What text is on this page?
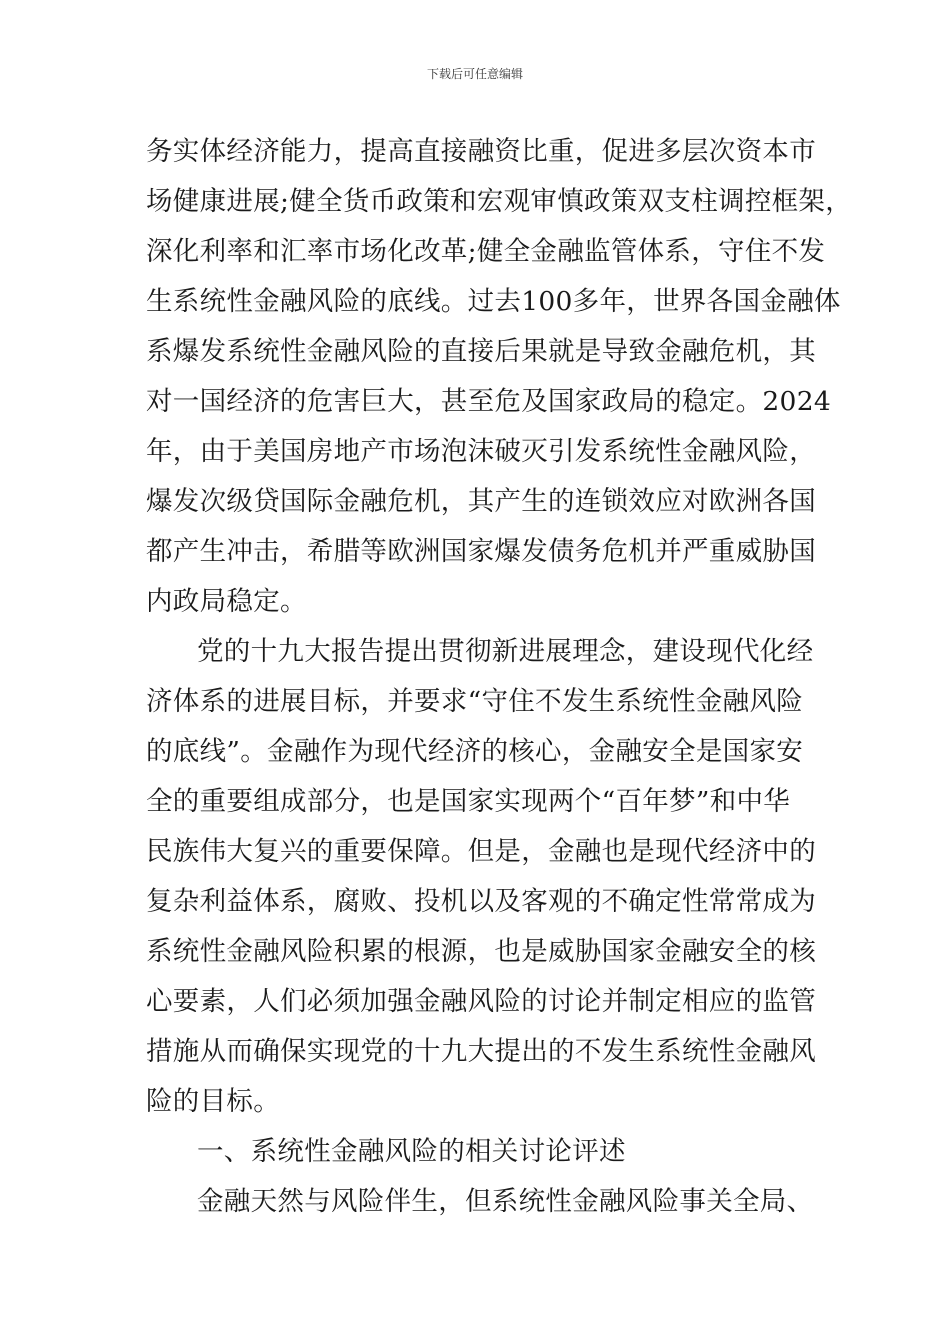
下载后可任意编辑

务实体经济能力，提高直接融资比重，促进多层次资本市
场健康进展;健全货币政策和宏观审慎政策双支柱调控框架，
深化利率和汇率市场化改革;健全金融监管体系，守住不发
生系统性金融风险的底线。过去100多年，世界各国金融体
系爆发系统性金融风险的直接后果就是导致金融危机，其
对一国经济的危害巨大，甚至危及国家政局的稳定。2024
年，由于美国房地产市场泡沫破灭引发系统性金融风险，
爆发次级贷国际金融危机，其产生的连锁效应对欧洲各国
都产生冲击，希腊等欧洲国家爆发债务危机并严重威胁国
内政局稳定。

党的十九大报告提出贯彻新进展理念，建设现代化经
济体系的进展目标，并要求“守住不发生系统性金融风险
的底线”。金融作为现代经济的核心，金融安全是国家安
全的重要组成部分，也是国家实现两个“百年梦”和中华
民族伟大复兴的重要保障。但是，金融也是现代经济中的
复杂利益体系，腐败、投机以及客观的不确定性常常成为
系统性金融风险积累的根源，也是威胁国家金融安全的核
心要素，人们必须加强金融风险的讨论并制定相应的监管
措施从而确保实现党的十九大提出的不发生系统性金融风
险的目标。

一、系统性金融风险的相关讨论评述

金融天然与风险伴生，但系统性金融风险事关全局、
